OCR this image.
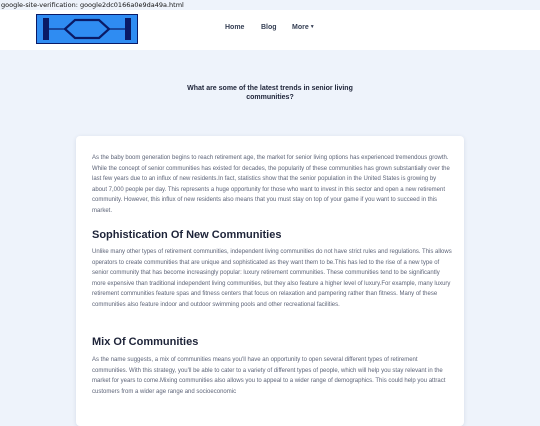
google-site-verification: google2dc0166a0e9da49a.html
Home Blog More▼
What are some of the latest trends in senior living communities?
As the baby boom generation begins to reach retirement age, the market for senior living options has experienced tremendous growth. While the concept of senior communities has existed for decades, the popularity of these communities has grown substantially over the last few years due to an influx of new residents.In fact, statistics show that the senior population in the United States is growing by about 7,000 people per day. This represents a huge opportunity for those who want to invest in this sector and open a new retirement community. However, this influx of new residents also means that you must stay on top of your game if you want to succeed in this market.
Sophistication Of New Communities
Unlike many other types of retirement communities, independent living communities do not have strict rules and regulations. This allows operators to create communities that are unique and sophisticated as they want them to be.This has led to the rise of a new type of senior community that has become increasingly popular: luxury retirement communities. These communities tend to be significantly more expensive than traditional independent living communities, but they also feature a higher level of luxury.For example, many luxury retirement communities feature spas and fitness centers that focus on relaxation and pampering rather than fitness. Many of these communities also feature indoor and outdoor swimming pools and other recreational facilities.
Mix Of Communities
As the name suggests, a mix of communities means you'll have an opportunity to open several different types of retirement communities. With this strategy, you'll be able to cater to a variety of different types of people, which will help you stay relevant in the market for years to come.Mixing communities also allows you to appeal to a wider range of demographics. This could help you attract customers from a wider age range and socioeconomic
